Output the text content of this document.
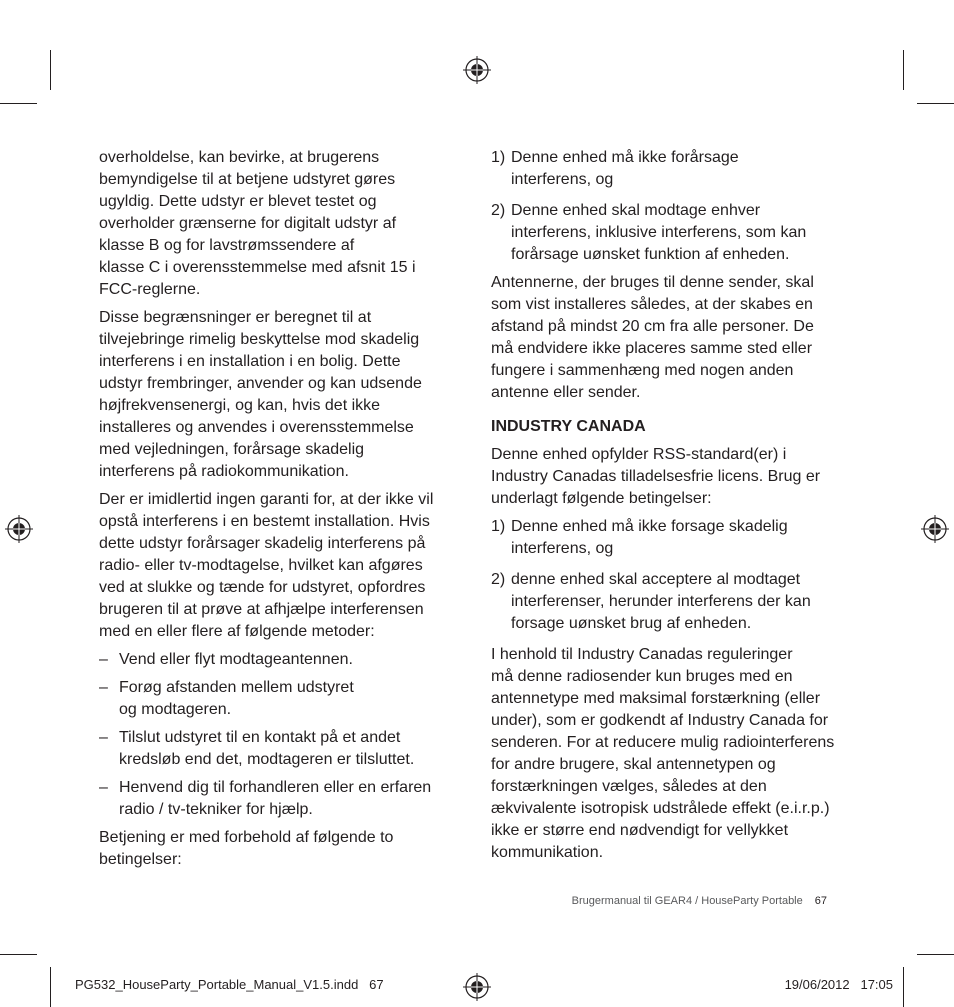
overholdelse, kan bevirke, at brugerens
bemyndigelse til at betjene udstyret gøres
ugyldig. Dette udstyr er blevet testet og
overholder grænserne for digitalt udstyr af
klasse B og for lavstrømssendere af
klasse C i overensstemmelse med afsnit 15 i
FCC-reglerne.

Disse begrænsninger er beregnet til at
tilvejebringe rimelig beskyttelse mod skadelig
interferens i en installation i en bolig. Dette
udstyr frembringer, anvender og kan udsende
højfrekvensenergi, og kan, hvis det ikke
installeres og anvendes i overensstemmelse
med vejledningen, forårsage skadelig
interferens på radiokommunikation.

Der er imidlertid ingen garanti for, at der ikke vil
opstå interferens i en bestemt installation. Hvis
dette udstyr forårsager skadelig interferens på
radio- eller tv-modtagelse, hvilket kan afgøres
ved at slukke og tænde for udstyret, opfordres
brugeren til at prøve at afhjælpe interferensen
med en eller flere af følgende metoder:

– Vend eller flyt modtageantennen.
– Forøg afstanden mellem udstyret
og modtageren.
– Tilslut udstyret til en kontakt på et andet
kredsløb end det, modtageren er tilsluttet.
– Henvend dig til forhandleren eller en erfaren
radio / tv-tekniker for hjælp.

Betjening er med forbehold af følgende to
betingelser:

1) Denne enhed må ikke forårsage
interferens, og
2) Denne enhed skal modtage enhver
interferens, inklusive interferens, som kan
forårsage uønsket funktion af enheden.

Antennerne, der bruges til denne sender, skal
som vist installeres således, at der skabes en
afstand på mindst 20 cm fra alle personer. De
må endvidere ikke placeres samme sted eller
fungere i sammenhæng med nogen anden
antenne eller sender.

INDUSTRY CANADA

Denne enhed opfylder RSS-standard(er) i
Industry Canadas tilladelsesfrie licens. Brug er
underlagt følgende betingelser:

1) Denne enhed må ikke forsage skadelig
interferens, og
2) denne enhed skal acceptere al modtaget
interferenser, herunder interferens der kan
forsage uønsket brug af enheden.

I henhold til Industry Canadas reguleringer
må denne radiosender kun bruges med en
antennetype med maksimal forstærkning (eller
under), som er godkendt af Industry Canada for
senderen. For at reducere mulig radiointerferens
for andre brugere, skal antennetypen og
forstærkningen vælges, således at den
ækvivalente isotropisk udstrålede effekt (e.i.r.p.)
ikke er større end nødvendigt for vellykket
kommunikation.

Brugermanual til GEAR4 / HouseParty Portable 67
PG532_HouseParty_Portable_Manual_V1.5.indd   67	19/06/2012   17:05
